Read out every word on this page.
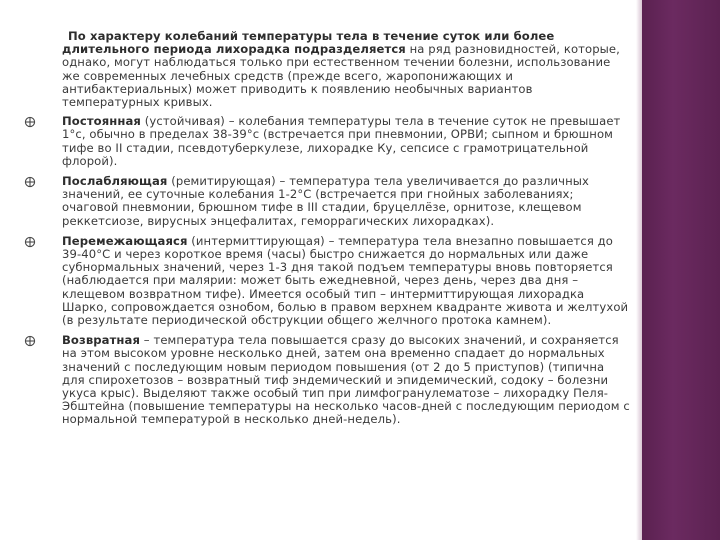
По характеру колебаний температуры тела в течение суток или более длительного периода лихорадка подразделяется на ряд разновидностей, которые, однако, могут наблюдаться только при естественном течении болезни, использование же современных лечебных средств (прежде всего, жаропонижающих и антибактериальных) может приводить к появлению необычных вариантов температурных кривых.

Постоянная (устойчивая) – колебания температуры тела в течение суток не превышает 1°с, обычно в пределах 38-39°с (встречается при пневмонии, ОРВИ; сыпном и брюшном тифе во II стадии, псевдотуберкулезе, лихорадке Ку, сепсисе с грамотрицательной флорой).
Послабляющая (ремитирующая) – температура тела увеличивается до различных значений, ее суточные колебания 1-2°С (встречается при гнойных заболеваниях; очаговой пневмонии, брюшном тифе в III стадии, бруцеллёзе, орнитозе, клещевом реккетсиозе, вирусных энцефалитах, геморрагических лихорадках).
Перемежающаяся (интермиттирующая) – температура тела внезапно повышается до 39-40°С и через короткое время (часы) быстро снижается до нормальных или даже субнормальных значений, через 1-3 дня такой подъем температуры вновь повторяется (наблюдается при малярии: может быть ежедневной, через день, через два дня – клещевом возвратном тифе). Имеется особый тип – интермиттирующая лихорадка Шарко, сопровождается ознобом, болью в правом верхнем квадранте живота и желтухой (в результате периодической обструкции общего желчного протока камнем).
Возвратная – температура тела повышается сразу до высоких значений, и сохраняется на этом высоком уровне несколько дней, затем она временно спадает до нормальных значений с последующим новым периодом повышения (от 2 до 5 приступов) (типична для спирохетозов – возвратный тиф эндемический и эпидемический, содоку – болезни укуса крыс). Выделяют также особый тип при лимфогранулематозе – лихорадку Пеля-Эбштейна (повышение температуры на несколько часов-дней с последующим периодом с нормальной температурой в несколько дней-недель).
